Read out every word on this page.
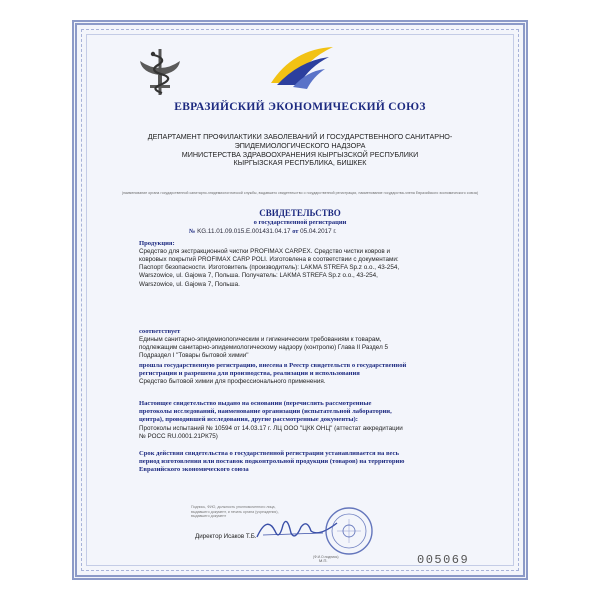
ЕВРАЗИЙСКИЙ ЭКОНОМИЧЕСКИЙ СОЮЗ
ДЕПАРТАМЕНТ ПРОФИЛАКТИКИ ЗАБОЛЕВАНИЙ И ГОСУДАРСТВЕННОГО САНИТАРНО-
ЭПИДЕМИОЛОГИЧЕСКОГО НАДЗОРА
МИНИСТЕРСТВА ЗДРАВООХРАНЕНИЯ КЫРГЫЗСКОЙ РЕСПУБЛИКИ
КЫРГЫЗСКАЯ РЕСПУБЛИКА, БИШКЕК
(наименование органа государственной санитарно-эпидемиологической службы, выдавшего свидетельство о государственной регистрации, наименование государства-члена Евразийского экономического союза)
СВИДЕТЕЛЬСТВО
о государственной регистрации
№ KG.11.01.09.015.Е.001431.04.17 от 05.04.2017 г.
Продукция:
Средство для экстракционной чистки PROFIMAX CARPEX. Средство чистки ковров и
ковровых покрытий PROFIMAX CARP POLI. Изготовлена в соответствии с документами:
Паспорт безопасности. Изготовитель (производитель): LAKMA STREFA Sp.z o.o., 43-254,
Warszowice, ul. Gajowa 7, Польша. Получатель: LAKMA STREFA Sp.z o.o., 43-254,
Warszowice, ul. Gajowa 7, Польша.
соответствует
Единым санитарно-эпидемиологическим и гигиеническим требованиям к товарам,
подлежащим санитарно-эпидемиологическому надзору (контролю) Глава II Раздел 5
Подраздел I "Товары бытовой химии"
прошла государственную регистрацию, внесена в Реестр свидетельств о государственной
регистрации и разрешена для производства, реализации и использования
Средство бытовой химии для профессионального применения.
Настоящее свидетельство выдано на основании (перечислить рассмотренные
протоколы исследований, наименование организации (испытательной лаборатории,
центра), проводившей исследования, другие рассмотренные документы):
Протоколы испытаний № 10594 от 14.03.17 г. ЛЦ ООО "ЦКК ОНЦ" (аттестат аккредитации
№ РОСС RU.0001.21РК75)
Срок действия свидетельства о государственной регистрации устанавливается на весь
период изготовления или поставок подконтрольной продукции (товаров) на территорию
Евразийского экономического союза
Подпись, ФИО, должность уполномоченного лица,
выдавшего документ, и печать органа (учреждения),
выдавшего документ
Директор Исаков Т.Б.
(Ф.И.О.подпись)
М.П.	005069
